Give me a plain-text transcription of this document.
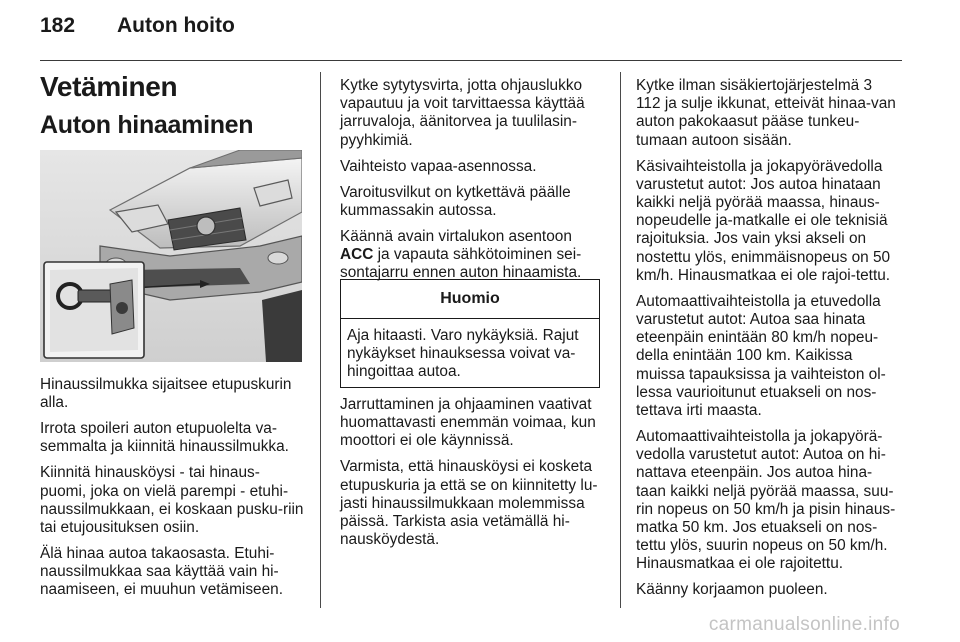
182 Auton hoito
Vetäminen
Auton hinaaminen

Hinaussilmukka sijaitsee etupuskurin alla.

Irrota spoileri auton etupuolelta va-semmalta ja kiinnitä hinaussilmukka.

Kiinnitä hinausköysi - tai hinaus-puomi, joka on vielä parempi - etuhi-naussilmukkaan, ei koskaan pusku-riin tai etujousituksen osiin.

Älä hinaa autoa takaosasta. Etuhi-naussilmukkaa saa käyttää vain hi-naamiseen, ei muuhun vetämiseen.

Kytke sytytysvirta, jotta ohjauslukko vapautuu ja voit tarvittaessa käyttää jarruvaloja, äänitorvea ja tuulilasin-pyyhkimiä.

Vaihteisto vapaa-asennossa.

Varoitusvilkut on kytkettävä päälle kummassakin autossa.

Käännä avain virtalukon asentoon ACC ja vapauta sähkötoiminen sei-sontajarru ennen auton hinaamista.

Huomio
Aja hitaasti. Varo nykäyksiä. Rajut nykäykset hinauksessa voivat va-hingoittaa autoa.

Jarruttaminen ja ohjaaminen vaativat huomattavasti enemmän voimaa, kun moottori ei ole käynnissä.

Varmista, että hinausköysi ei kosketa etupuskuria ja että se on kiinnitetty lu-jasti hinaussilmukkaan molemmissa päissä. Tarkista asia vetämällä hi-nausköydestä.

Kytke ilman sisäkiertojärjestelmä 3 112 ja sulje ikkunat, etteivät hinaa-van auton pakokaasut pääse tunkeu-tumaan autoon sisään.

Käsivaihteistolla ja jokapyörävedolla varustetut autot: Jos autoa hinataan kaikki neljä pyörää maassa, hinaus-nopeudelle ja-matkalle ei ole teknisiä rajoituksia. Jos vain yksi akseli on nostettu ylös, enimmäisnopeus on 50 km/h. Hinausmatkaa ei ole rajoi-tettu.

Automaattivaihteistolla ja etuvedolla varustetut autot: Autoa saa hinata eteenpäin enintään 80 km/h nopeu-della enintään 100 km. Kaikissa muissa tapauksissa ja vaihteiston ol-lessa vaurioitunut etuakseli on nos-tettava irti maasta.

Automaattivaihteistolla ja jokapyörä-vedolla varustetut autot: Autoa on hi-nattava eteenpäin. Jos autoa hina-taan kaikki neljä pyörää maassa, suu-rin nopeus on 50 km/h ja pisin hinaus-matka 50 km. Jos etuakseli on nos-tettu ylös, suurin nopeus on 50 km/h. Hinausmatkaa ei ole rajoitettu.

Käänny korjaamon puoleen.

carmanualsonline.info
